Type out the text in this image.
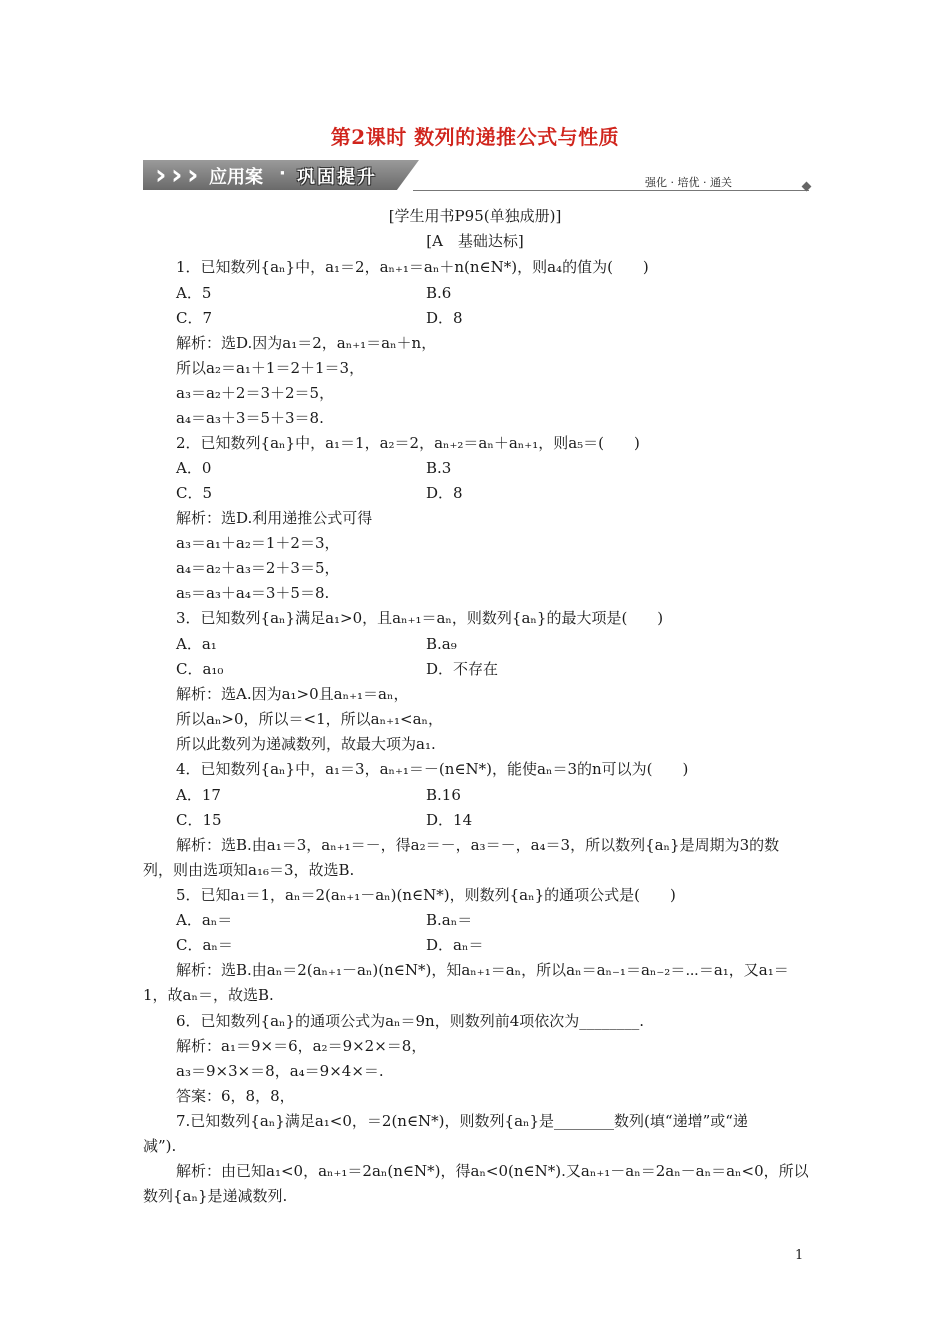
第2课时 数列的递推公式与性质
› › › 应用案 · 巩固提升	强化 · 培优 · 通关
[学生用书P95(单独成册)]
[A　基础达标]
1．已知数列{aₙ}中，a₁＝2，aₙ₊₁＝aₙ＋n(n∈N*)，则a₄的值为(　　)
A．5	B.6
C．7	D．8
解析：选D.因为a₁＝2，aₙ₊₁＝aₙ＋n，
所以a₂＝a₁＋1＝2＋1＝3，
a₃＝a₂＋2＝3＋2＝5，
a₄＝a₃＋3＝5＋3＝8.
2．已知数列{aₙ}中，a₁＝1，a₂＝2，aₙ₊₂＝aₙ＋aₙ₊₁，则a₅＝(　　)
A．0	B.3
C．5	D．8
解析：选D.利用递推公式可得
a₃＝a₁＋a₂＝1＋2＝3，
a₄＝a₂＋a₃＝2＋3＝5，
a₅＝a₃＋a₄＝3＋5＝8.
3．已知数列{aₙ}满足a₁>0，且aₙ₊₁＝aₙ，则数列{aₙ}的最大项是(　　)
A．a₁	B.a₉
C．a₁₀	D．不存在
解析：选A.因为a₁>0且aₙ₊₁＝aₙ，
所以aₙ>0，所以＝<1，所以aₙ₊₁<aₙ，
所以此数列为递减数列，故最大项为a₁.
4．已知数列{aₙ}中，a₁＝3，aₙ₊₁＝－(n∈N*)，能使aₙ＝3的n可以为(　　)
A．17	B.16
C．15	D．14
解析：选B.由a₁＝3，aₙ₊₁＝－，得a₂＝－，a₃＝－，a₄＝3，所以数列{aₙ}是周期为3的数
列，则由选项知a₁₆＝3，故选B.
5．已知a₁＝1，aₙ＝2(aₙ₊₁－aₙ)(n∈N*)，则数列{aₙ}的通项公式是(　　)
A．aₙ＝	B.aₙ＝
C．aₙ＝	D．aₙ＝
解析：选B.由aₙ＝2(aₙ₊₁－aₙ)(n∈N*)，知aₙ₊₁＝aₙ，所以aₙ＝aₙ₋₁＝aₙ₋₂＝⋯＝a₁，又a₁＝
1，故aₙ＝，故选B.
6．已知数列{aₙ}的通项公式为aₙ＝9n，则数列前4项依次为________.
解析：a₁＝9×＝6，a₂＝9×2×＝8，
a₃＝9×3×＝8，a₄＝9×4×＝.
答案：6，8，8，
7.已知数列{aₙ}满足a₁<0，＝2(n∈N*)，则数列{aₙ}是________数列(填“递增”或“递
减”).
解析：由已知a₁<0，aₙ₊₁＝2aₙ(n∈N*)，得aₙ<0(n∈N*).又aₙ₊₁－aₙ＝2aₙ－aₙ＝aₙ<0，所以
数列{aₙ}是递减数列.
1
